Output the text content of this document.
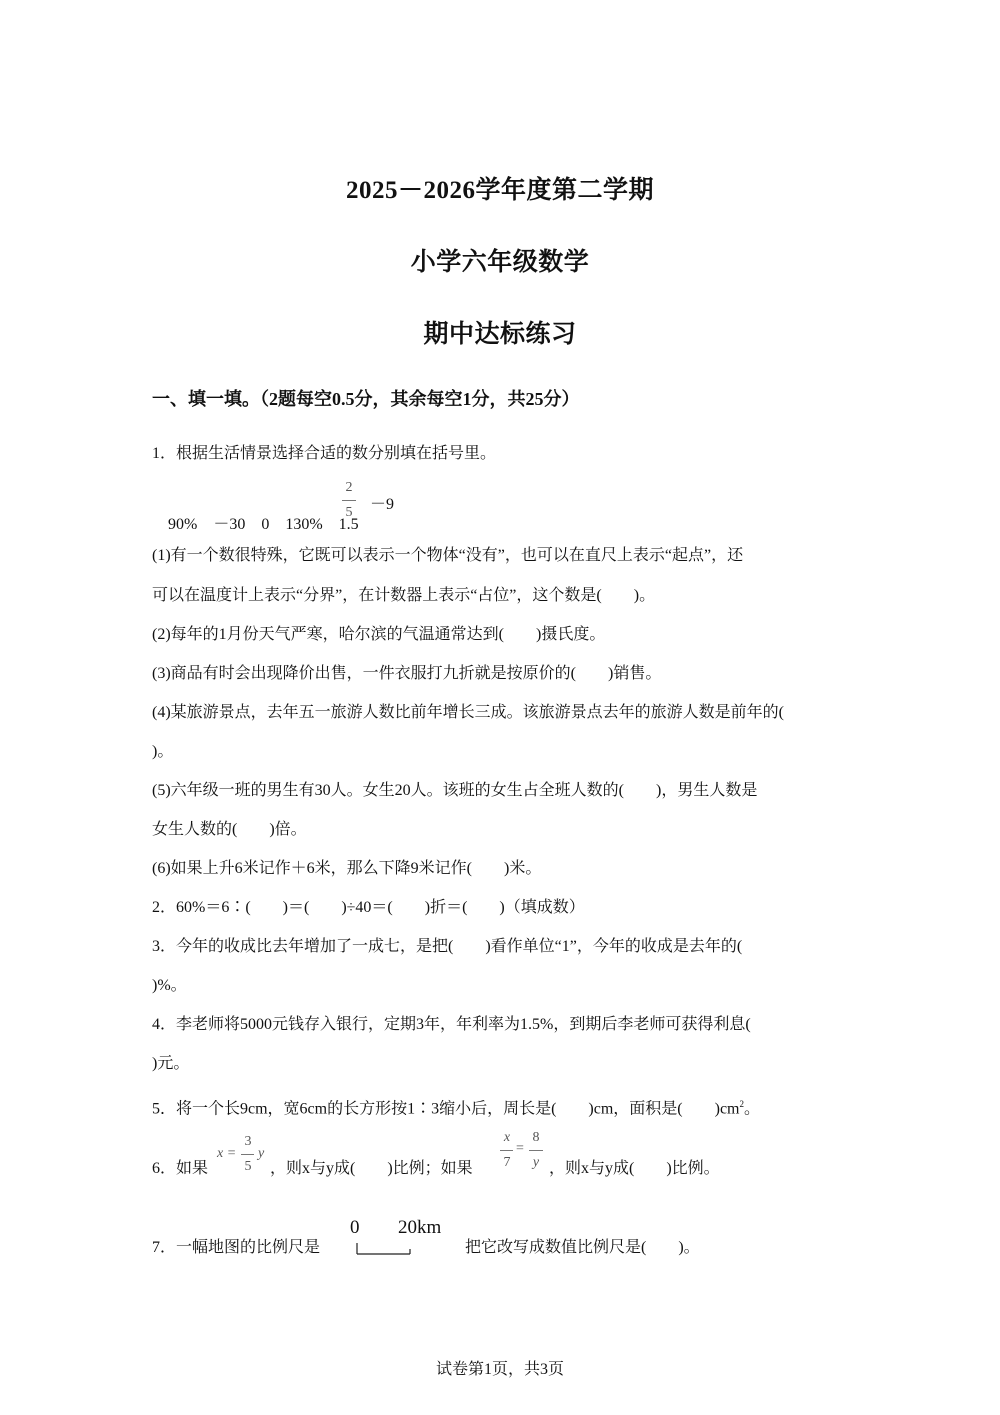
2025－2026学年度第二学期
小学六年级数学
期中达标练习
一、填一填。（2题每空0.5分，其余每空1分，共25分）
1．根据生活情景选择合适的数分别填在括号里。

90%　－30　0　130%　1.5

2
5 －9
(1)有一个数很特殊，它既可以表示一个物体“没有”，也可以在直尺上表示“起点”，还
可以在温度计上表示“分界”，在计数器上表示“占位”，这个数是(　　)。
(2)每年的1月份天气严寒，哈尔滨的气温通常达到(　　)摄氏度。
(3)商品有时会出现降价出售，一件衣服打九折就是按原价的(　　)销售。
(4)某旅游景点，去年五一旅游人数比前年增长三成。该旅游景点去年的旅游人数是前年的(
)。
(5)六年级一班的男生有30人。女生20人。该班的女生占全班人数的(　　)，男生人数是
女生人数的(　　)倍。
(6)如果上升6米记作＋6米，那么下降9米记作(　　)米。
2．60%＝6∶(　　)＝(　　)÷40＝(　　)折＝(　　)（填成数）
3．今年的收成比去年增加了一成七，是把(　　)看作单位“1”，今年的收成是去年的(
)%。
4．李老师将5000元钱存入银行，定期3年，年利率为1.5%，到期后李老师可获得利息(
)元。
5．将一个长9cm，宽6cm的长方形按1∶3缩小后，周长是(　　)cm，面积是(　　)$cm^2$。
6．如果
x =
3
5
y
，则x与y成(　　)比例；如果
x
7
=
8
y ，则x与y成(　　)比例。
7．一幅地图的比例尺是
0 20km
把它改写成数值比例尺是(　　)。
试卷第1页，共3页
